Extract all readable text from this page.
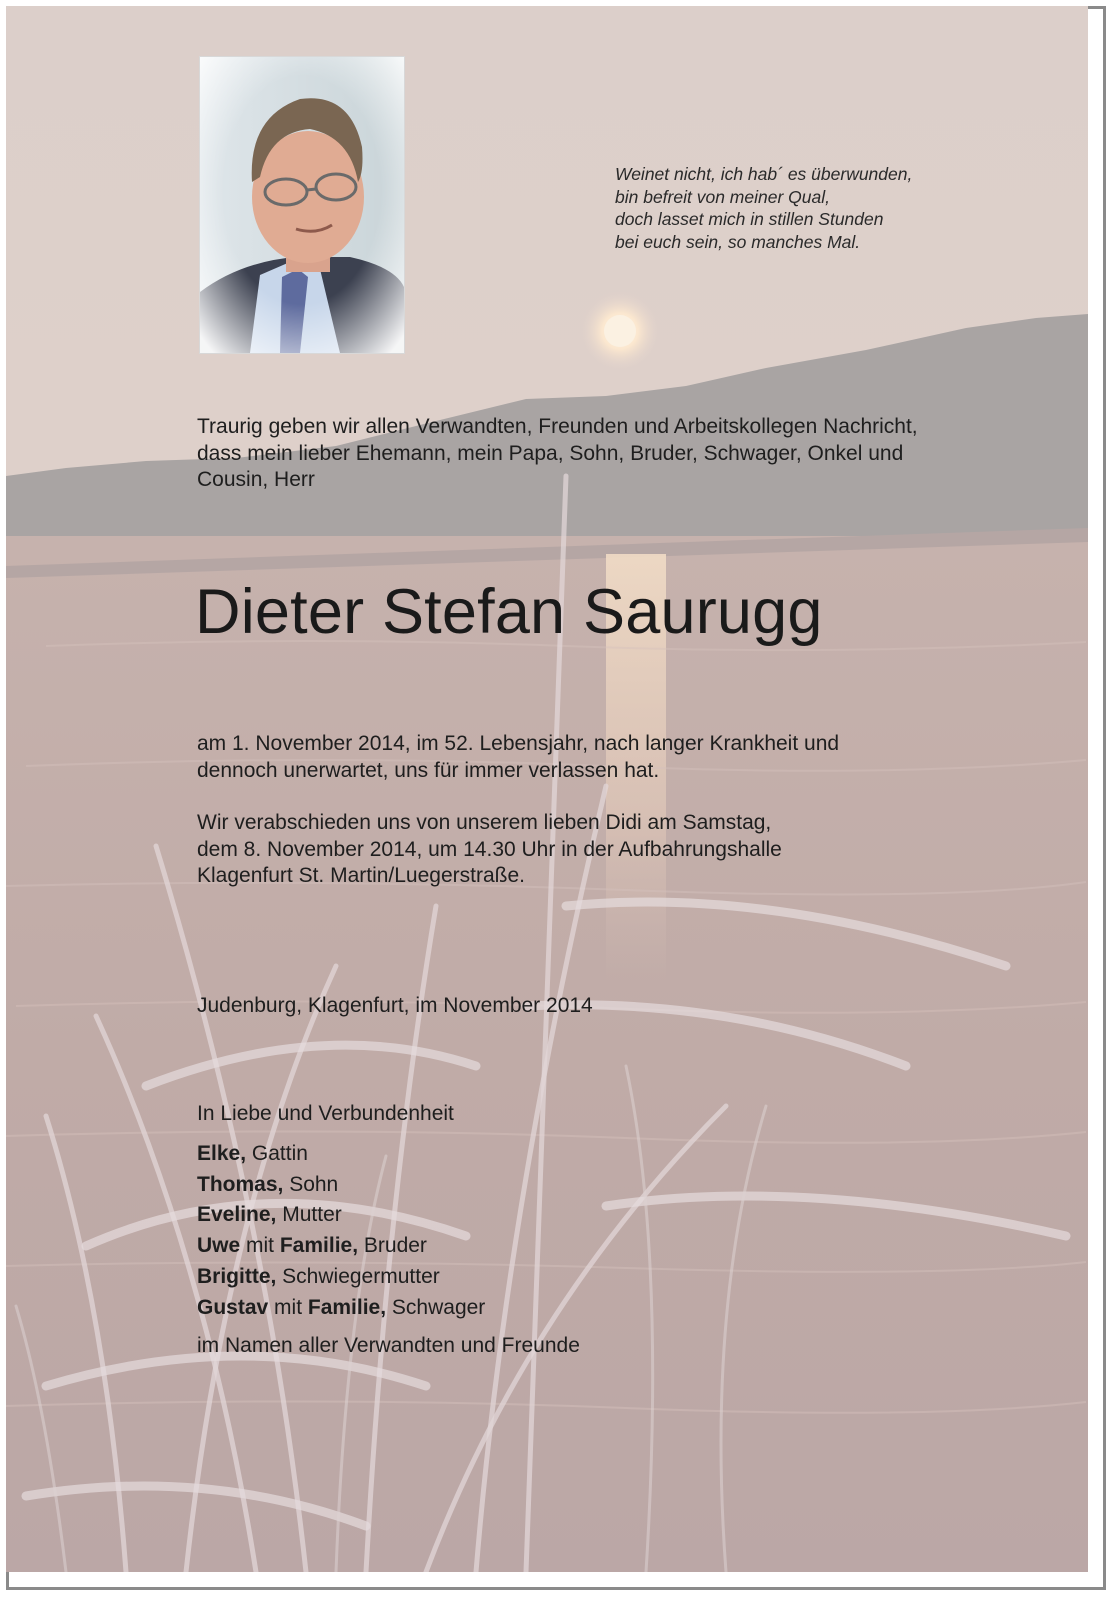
Weinet nicht, ich hab´ es überwunden,
bin befreit von meiner Qual,
doch lasset mich in stillen Stunden
bei euch sein, so manches Mal.
Traurig geben wir allen Verwandten, Freunden und Arbeitskollegen Nachricht,
dass mein lieber Ehemann, mein Papa, Sohn, Bruder, Schwager, Onkel und
Cousin, Herr
Dieter Stefan Saurugg
am 1. November 2014, im 52. Lebensjahr, nach langer Krankheit und
dennoch unerwartet, uns für immer verlassen hat.
Wir verabschieden uns von unserem lieben Didi am Samstag,
dem 8. November 2014, um 14.30 Uhr in der Aufbahrungshalle
Klagenfurt St. Martin/Luegerstraße.
Judenburg, Klagenfurt, im November 2014
In Liebe und Verbundenheit
Elke, Gattin
Thomas, Sohn
Eveline, Mutter
Uwe mit Familie, Bruder
Brigitte, Schwiegermutter
Gustav mit Familie, Schwager
im Namen aller Verwandten und Freunde
